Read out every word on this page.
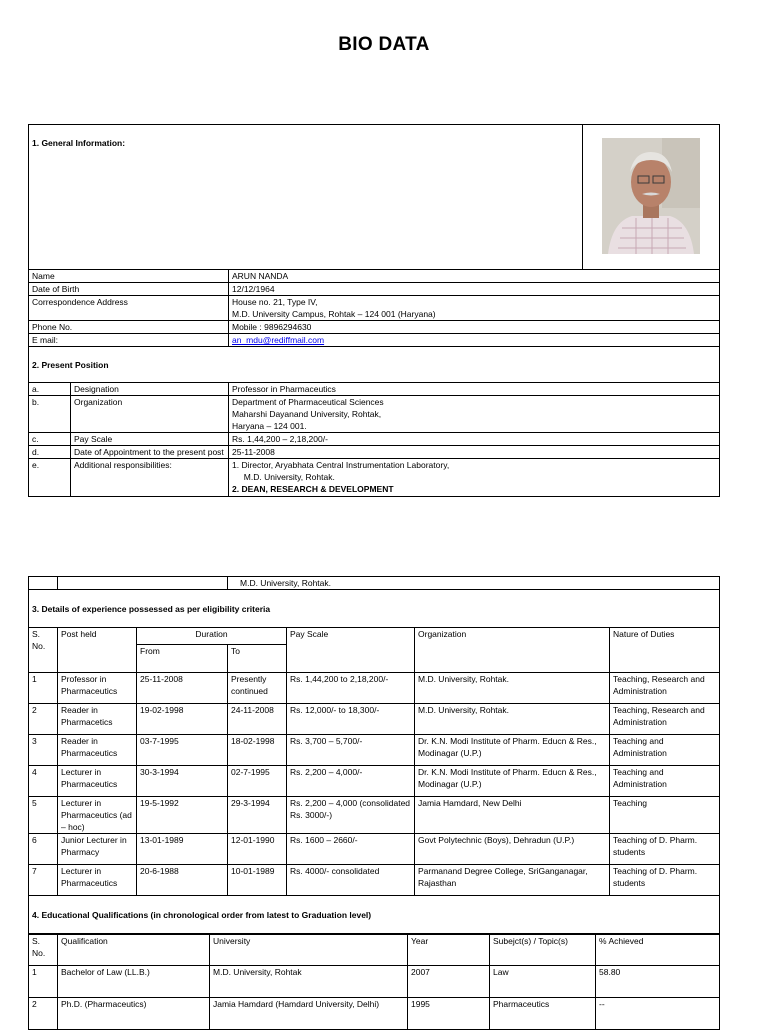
BIO DATA
1. General Information:	
Name		ARUN NANDA	
Date of Birth		12/12/1964	
Correspondence Address		House no. 21, Type IV,
M.D. University Campus, Rohtak – 124 001 (Haryana)	

Phone No.		Mobile : 9896294630	
E mail:		an_mdu@rediffmail.com	
2. Present Position			
a.	Designation	Professor in Pharmaceutics	
b.	Organization	Department of Pharmaceutical Sciences
Maharshi Dayanand University, Rohtak,
Haryana – 124 001.	

c.	Pay Scale	Rs. 1,44,200 – 2,18,200/-	
d.	Date of Appointment to the present post	25-11-2008	
e.	Additional responsibilities:	1. Director, Aryabhata Central Instrumentation Laboratory,
M.D. University, Rohtak.
2. DEAN, RESEARCH & DEVELOPMENT	
			M.D. University, Rohtak.			
3. Details of experience possessed as per eligibility criteria						
S. No.	Post held	Duration		Pay Scale	Organization	Nature of Duties
		From	To			
1	Professor in Pharmaceutics	25-11-2008	Presently continued	Rs. 1,44,200 to 2,18,200/-	M.D. University, Rohtak.	Teaching, Research and Administration
2	Reader in Pharmacetics	19-02-1998	24-11-2008	Rs. 12,000/- to 18,300/-	M.D. University, Rohtak.	Teaching, Research and Administration
3	Reader in Pharmaceutics	03-7-1995	18-02-1998	Rs. 3,700 – 5,700/-	Dr. K.N. Modi Institute of Pharm. Educn & Res., Modinagar (U.P.)	Teaching and Administration
4	Lecturer in Pharmaceutics	30-3-1994	02-7-1995	Rs. 2,200 – 4,000/-	Dr. K.N. Modi Institute of Pharm. Educn & Res., Modinagar (U.P.)	Teaching and Administration
5	Lecturer in Pharmaceutics (ad – hoc)	19-5-1992	29-3-1994	Rs. 2,200 – 4,000 (consolidated Rs. 3000/-)	Jamia Hamdard, New Delhi	Teaching
6	Junior Lecturer in Pharmacy	13-01-1989	12-01-1990	Rs. 1600 – 2660/-	Govt Polytechnic (Boys), Dehradun (U.P.)	Teaching of D. Pharm. students
7	Lecturer in Pharmaceutics	20-6-1988	10-01-1989	Rs. 4000/- consolidated	Parmanand Degree College, SriGanganagar, Rajasthan	Teaching of D. Pharm. students
4. Educational Qualifications (in chronological order from latest to Graduation level)						
S. No.	Qualification	University	Year	Subejct(s) / Topic(s)	% Achieved
1	Bachelor of Law (LL.B.)	M.D. University, Rohtak	2007	Law	58.80
2	Ph.D. (Pharmaceutics)	Jamia Hamdard (Hamdard University, Delhi)	1995	Pharmaceutics	--
